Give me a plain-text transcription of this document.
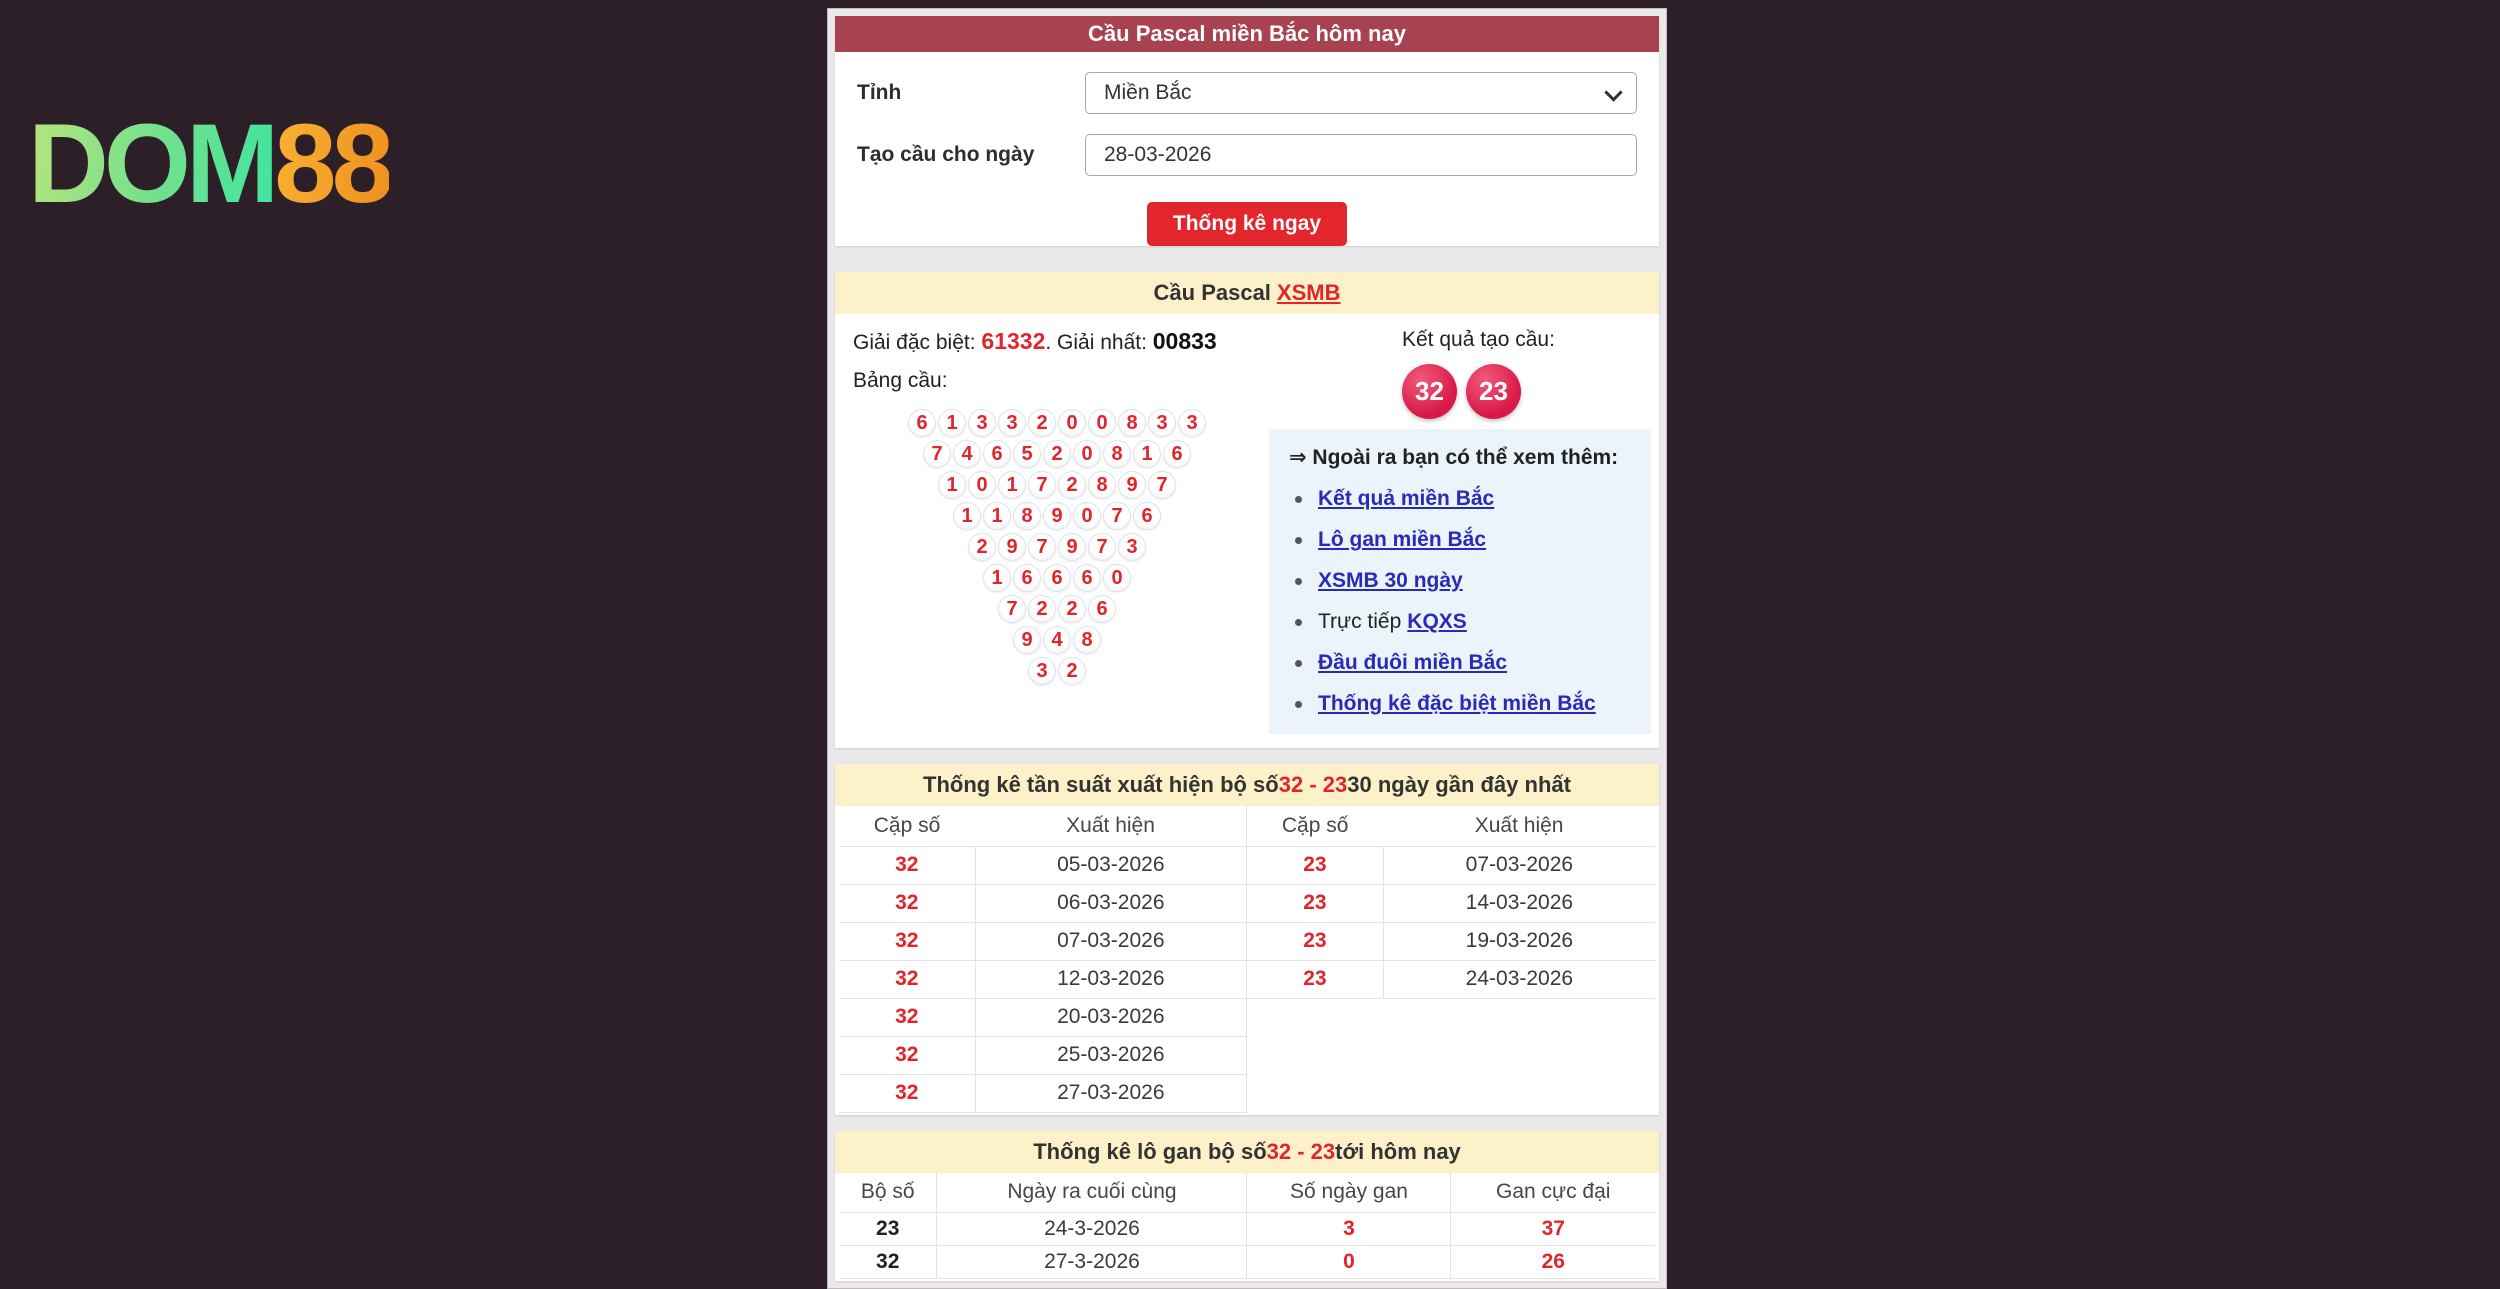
DOM88
Cầu Pascal miền Bắc hôm nay
Tỉnh	Miền Bắc
Tạo cầu cho ngày
28-03-2026
Thống kê ngay
Cầu Pascal XSMB
Giải đặc biệt: 61332. Giải nhất: 00833
Bảng cầu:
6 1 3 3 2 0 0 8 3 3
7 4 6 5 2 0 8 1 6
1 0 1 7 2 8 9 7
1 1 8 9 0 7 6
2 9 7 9 7 3
1 6 6 6 0
7 2 2 6
9 4 8
3 2
Kết quả tạo cầu:
32	23
⇒ Ngoài ra bạn có thể xem thêm:
Kết quả miền Bắc
Lô gan miền Bắc
XSMB 30 ngày
Trực tiếp KQXS
Đầu đuôi miền Bắc
Thống kê đặc biệt miền Bắc
Thống kê tần suất xuất hiện bộ số 32 - 23 30 ngày gần đây nhất
Cặp số	Xuất hiện
32	05-03-2026
32	06-03-2026
32	07-03-2026
32	12-03-2026
32	20-03-2026
32	25-03-2026
32	27-03-2026
Cặp số	Xuất hiện
23	07-03-2026
23	14-03-2026
23	19-03-2026
23	24-03-2026
Thống kê lô gan bộ số 32 - 23 tới hôm nay
Bộ số	Ngày ra cuối cùng	Số ngày gan	Gan cực đại
23	24-3-2026	3	37
32	27-3-2026	0	26
